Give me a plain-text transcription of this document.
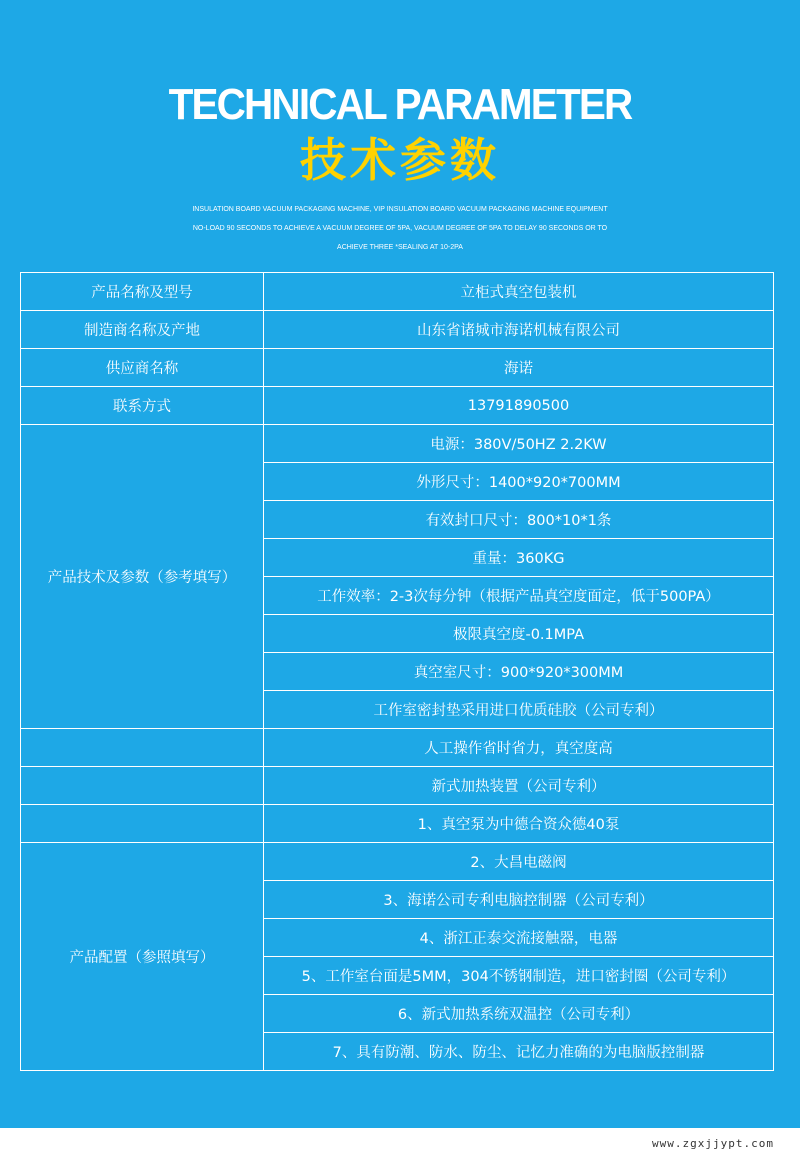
TECHNICAL PARAMETER
技术参数
INSULATION BOARD VACUUM PACKAGING MACHINE, VIP INSULATION BOARD VACUUM PACKAGING MACHINE EQUIPMENT
NO-LOAD 90 SECONDS TO ACHIEVE A VACUUM DEGREE OF 5PA, VACUUM DEGREE OF 5PA TO DELAY 90 SECONDS OR TO
ACHIEVE THREE *SEALING AT 10-2PA
产品名称及型号	立柜式真空包装机
制造商名称及产地	山东省诸城市海诺机械有限公司
供应商名称	海诺
联系方式	13791890500
产品技术及参数（参考填写）	电源：380V/50HZ 2.2KW
	外形尺寸：1400*920*700MM
	有效封口尺寸：800*10*1条
	重量：360KG
	工作效率：2-3次每分钟（根据产品真空度面定，低于500PA）
	极限真空度-0.1MPA
	真空室尺寸：900*920*300MM
	工作室密封垫采用进口优质硅胶（公司专利）
	人工操作省时省力，真空度高
	新式加热装置（公司专利）
	1、真空泵为中德合资众德40泵
产品配置（参照填写）	2、大昌电磁阀
	3、海诺公司专利电脑控制器（公司专利）
	4、浙江正泰交流接触器，电器
	5、工作室台面是5MM，304不锈钢制造，进口密封圈（公司专利）
	6、新式加热系统双温控（公司专利）
	7、具有防潮、防水、防尘、记忆力准确的为电脑版控制器
www.zgxjjypt.com
